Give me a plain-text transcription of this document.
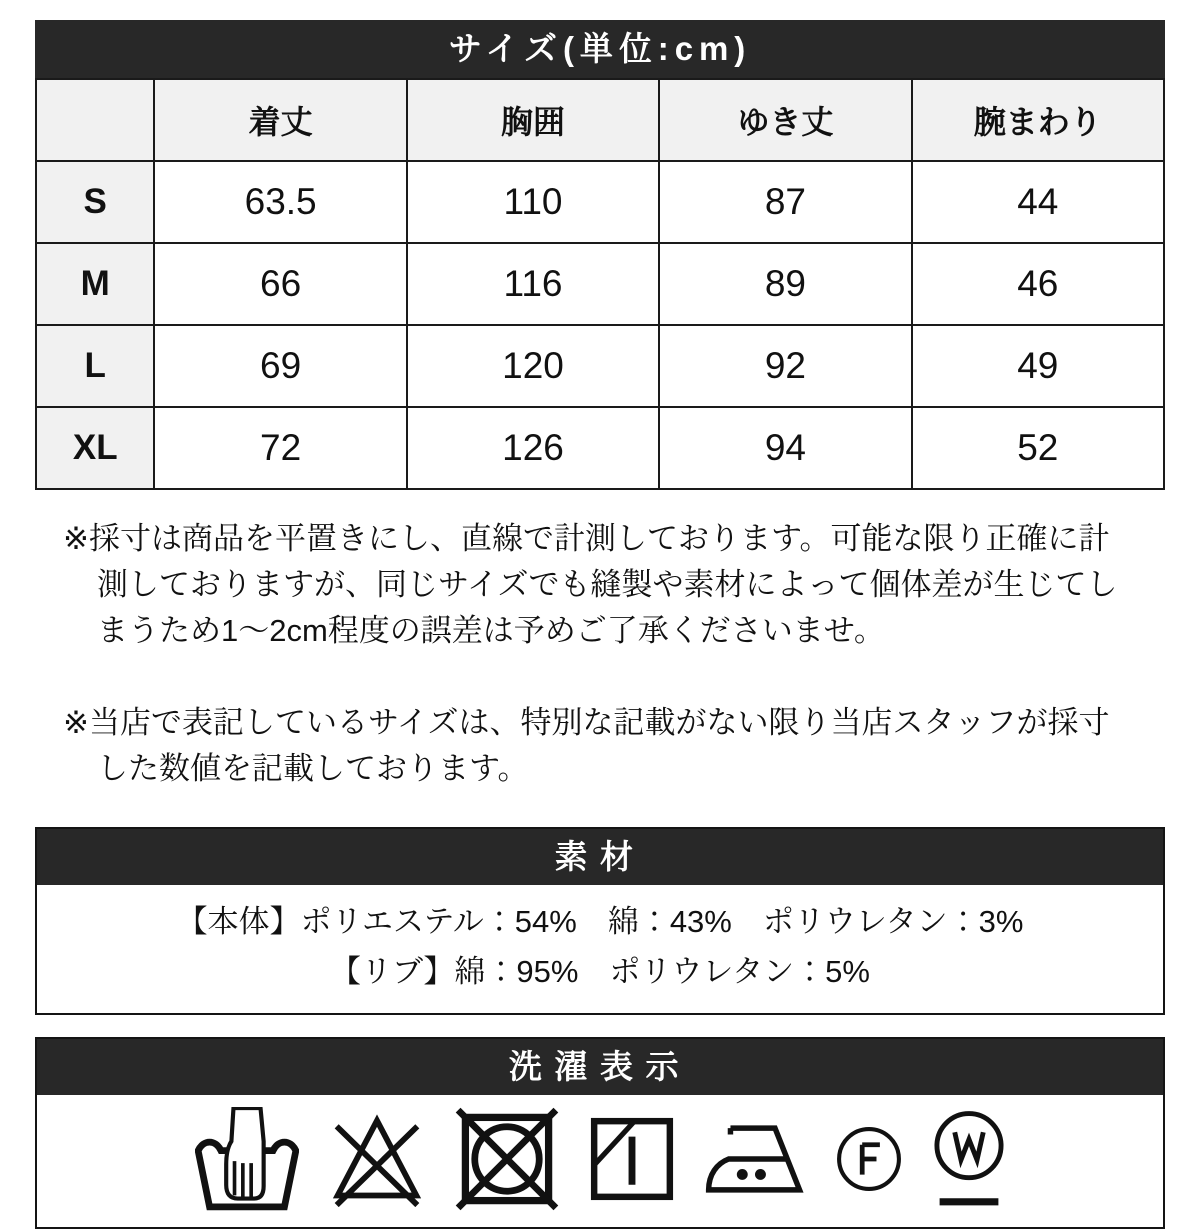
サイズ(単位:cm)
	着丈	胸囲	ゆき丈	腕まわり
S	63.5	110	87	44
M	66	116	89	46
L	69	120	92	49
XL	72	126	94	52

※採寸は商品を平置きにし、直線で計測しております。可能な限り正確に計測しておりますが、同じサイズでも縫製や素材によって個体差が生じてしまうため1〜2cm程度の誤差は予めご了承くださいませ。

※当店で表記しているサイズは、特別な記載がない限り当店スタッフが採寸した数値を記載しております。

素材

【本体】ポリエステル：54%　綿：43%　ポリウレタン：3%

【リブ】綿：95%　ポリウレタン：5%

洗濯表示
